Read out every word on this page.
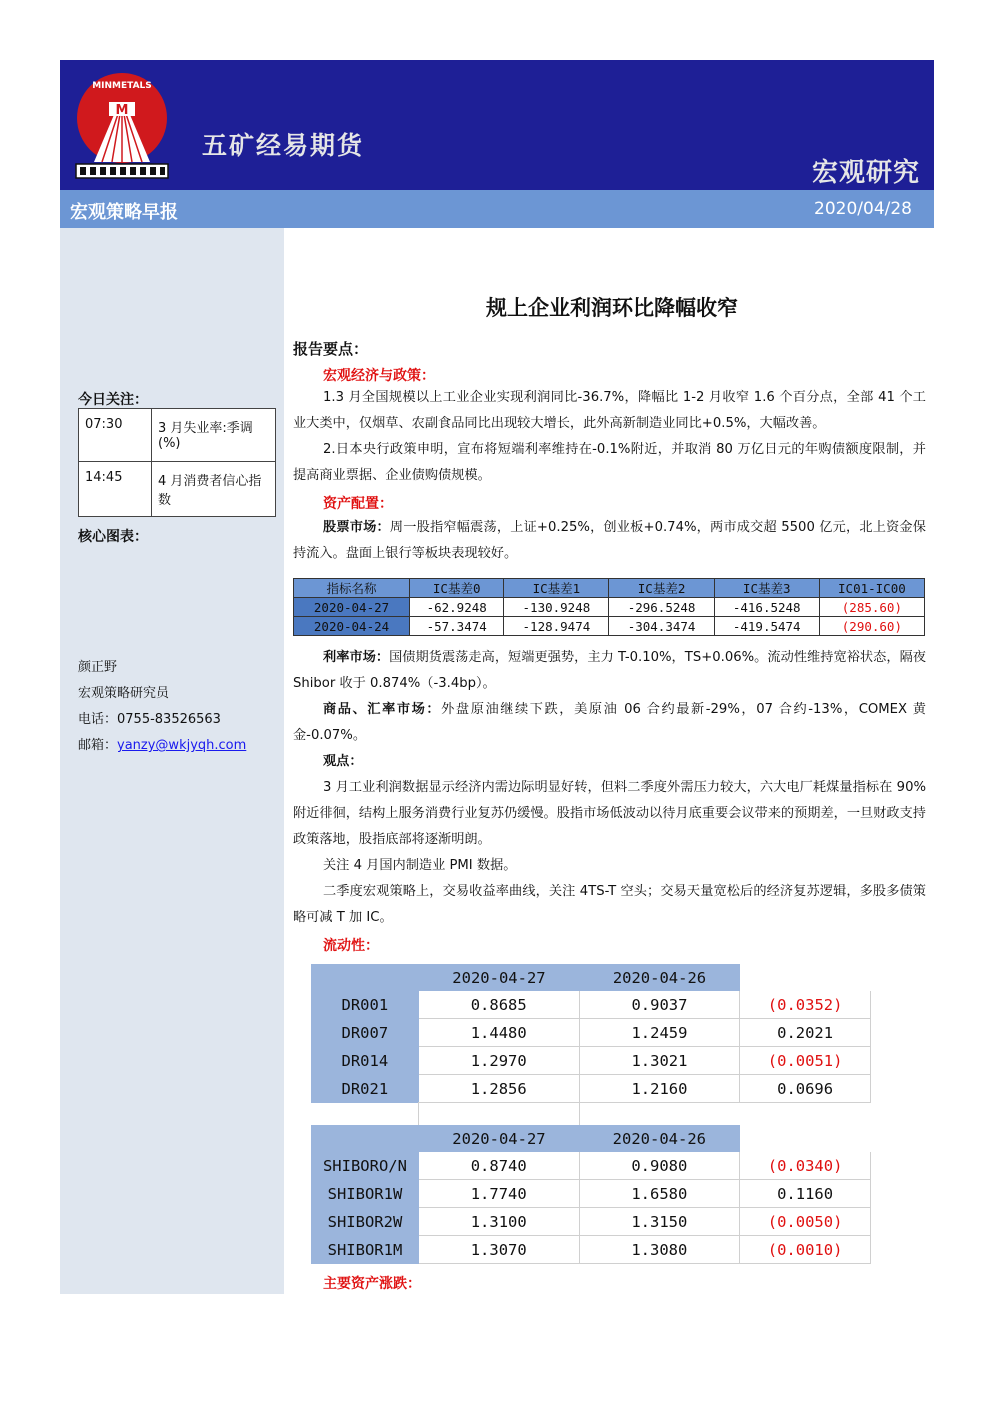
M
MINMETALS
五矿经易期货
宏观研究
宏观策略早报	2020/04/28
今日关注：
07:30	3 月失业率:季调(%)
14:45	4 月消费者信心指数
核心图表：
颜正野
宏观策略研究员
电话：0755-83526563
邮箱：yanzy@wkjyqh.com
规上企业利润环比降幅收窄
报告要点：
宏观经济与政策：
1.3 月全国规模以上工业企业实现利润同比-36.7%，降幅比 1-2 月收窄 1.6 个百分点，全部 41 个工业大类中，仅烟草、农副食品同比出现较大增长，此外高新制造业同比+0.5%，大幅改善。
2.日本央行政策申明，宣布将短端利率维持在-0.1%附近，并取消 80 万亿日元的年购债额度限制，并提高商业票据、企业债购债规模。
资产配置：
股票市场：周一股指窄幅震荡，上证+0.25%，创业板+0.74%，两市成交超 5500 亿元，北上资金保持流入。盘面上银行等板块表现较好。
指标名称	IC基差0	IC基差1	IC基差2	IC基差3	IC01-IC00
2020-04-27	-62.9248	-130.9248	-296.5248	-416.5248	(285.60)
2020-04-24	-57.3474	-128.9474	-304.3474	-419.5474	(290.60)
利率市场：国债期货震荡走高，短端更强势，主力 T-0.10%，TS+0.06%。流动性维持宽裕状态，隔夜 Shibor 收于 0.874%（-3.4bp）。
商品、汇率市场：外盘原油继续下跌，美原油 06 合约最新-29%，07 合约-13%，COMEX 黄金-0.07%。
观点：
3 月工业利润数据显示经济内需边际明显好转，但料二季度外需压力较大，六大电厂耗煤量指标在 90%附近徘徊，结构上服务消费行业复苏仍缓慢。股指市场低波动以待月底重要会议带来的预期差，一旦财政支持政策落地，股指底部将逐渐明朗。
关注 4 月国内制造业 PMI 数据。
二季度宏观策略上，交易收益率曲线，关注 4TS-T 空头；交易天量宽松后的经济复苏逻辑，多股多债策略可减 T 加 IC。
流动性：
	2020-04-27	2020-04-26	
DR001	0.8685	0.9037	(0.0352)
DR007	1.4480	1.2459	0.2021
DR014	1.2970	1.3021	(0.0051)
DR021	1.2856	1.2160	0.0696

	2020-04-27	2020-04-26	
SHIBORO/N	0.8740	0.9080	(0.0340)
SHIBOR1W	1.7740	1.6580	0.1160
SHIBOR2W	1.3100	1.3150	(0.0050)
SHIBOR1M	1.3070	1.3080	(0.0010)
主要资产涨跌：
